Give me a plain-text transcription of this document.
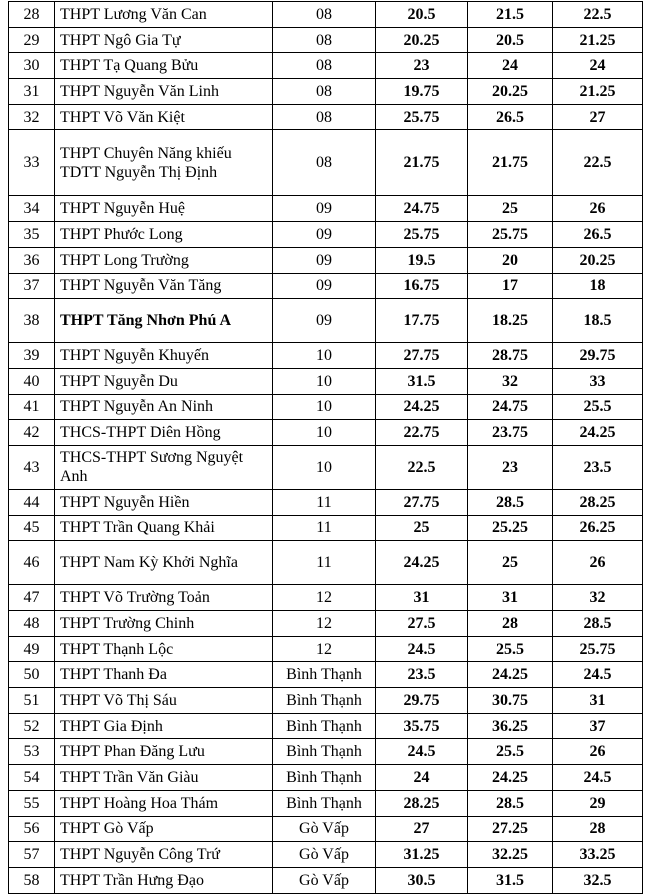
28	THPT Lương Văn Can	08	20.5	21.5	22.5
29	THPT Ngô Gia Tự	08	20.25	20.5	21.25
30	THPT Tạ Quang Bửu	08	23	24	24
31	THPT Nguyễn Văn Linh	08	19.75	20.25	21.25
32	THPT Võ Văn Kiệt	08	25.75	26.5	27
33	THPT Chuyên Năng khiếu TDTT Nguyễn Thị Định	08	21.75	21.75	22.5
34	THPT Nguyễn Huệ	09	24.75	25	26
35	THPT Phước Long	09	25.75	25.75	26.5
36	THPT Long Trường	09	19.5	20	20.25
37	THPT Nguyễn Văn Tăng	09	16.75	17	18
38	THPT Tăng Nhơn Phú A	09	17.75	18.25	18.5
39	THPT Nguyễn Khuyến	10	27.75	28.75	29.75
40	THPT Nguyễn Du	10	31.5	32	33
41	THPT Nguyễn An Ninh	10	24.25	24.75	25.5
42	THCS-THPT Diên Hồng	10	22.75	23.75	24.25
43	THCS-THPT Sương Nguyệt Anh	10	22.5	23	23.5
44	THPT Nguyễn Hiền	11	27.75	28.5	28.25
45	THPT Trần Quang Khải	11	25	25.25	26.25
46	THPT Nam Kỳ Khởi Nghĩa	11	24.25	25	26
47	THPT Võ Trường Toản	12	31	31	32
48	THPT Trường Chinh	12	27.5	28	28.5
49	THPT Thạnh Lộc	12	24.5	25.5	25.75
50	THPT Thanh Đa	Bình Thạnh	23.5	24.25	24.5
51	THPT Võ Thị Sáu	Bình Thạnh	29.75	30.75	31
52	THPT Gia Định	Bình Thạnh	35.75	36.25	37
53	THPT Phan Đăng Lưu	Bình Thạnh	24.5	25.5	26
54	THPT Trần Văn Giàu	Bình Thạnh	24	24.25	24.5
55	THPT Hoàng Hoa Thám	Bình Thạnh	28.25	28.5	29
56	THPT Gò Vấp	Gò Vấp	27	27.25	28
57	THPT Nguyễn Công Trứ	Gò Vấp	31.25	32.25	33.25
58	THPT Trần Hưng Đạo	Gò Vấp	30.5	31.5	32.5
